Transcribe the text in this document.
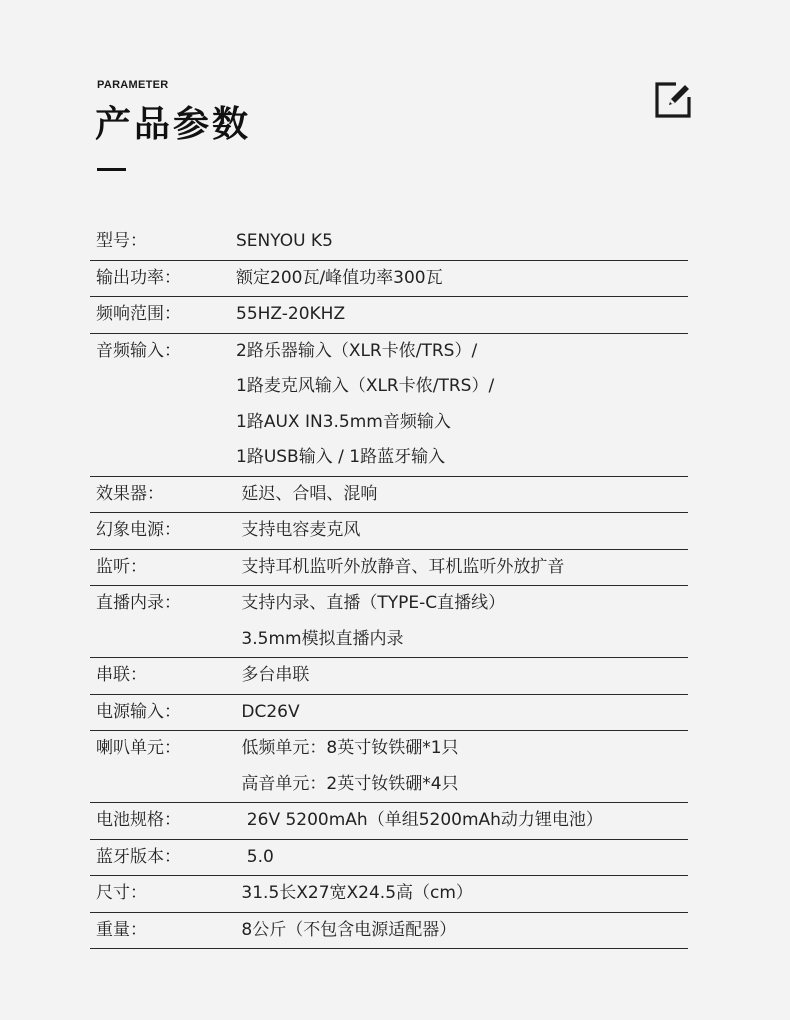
PARAMETER
产品参数
型号：	SENYOU K5
输出功率：	额定200瓦/峰值功率300瓦
频响范围：	55HZ-20KHZ
音频输入：	2路乐器输入（XLR卡侬/TRS）/
1路麦克风输入（XLR卡侬/TRS）/
1路AUX IN3.5mm音频输入
1路USB输入 / 1路蓝牙输入
效果器：	延迟、合唱、混响
幻象电源：	支持电容麦克风
监听：	支持耳机监听外放静音、耳机监听外放扩音
直播内录：	支持内录、直播（TYPE-C直播线）
3.5mm模拟直播内录
串联：	多台串联
电源输入：	DC26V
喇叭单元：	低频单元：8英寸钕铁硼*1只
高音单元：2英寸钕铁硼*4只
电池规格：	26V 5200mAh（单组5200mAh动力锂电池）
蓝牙版本：	5.0
尺寸：	31.5长X27宽X24.5高（cm）
重量：	8公斤（不包含电源适配器）
